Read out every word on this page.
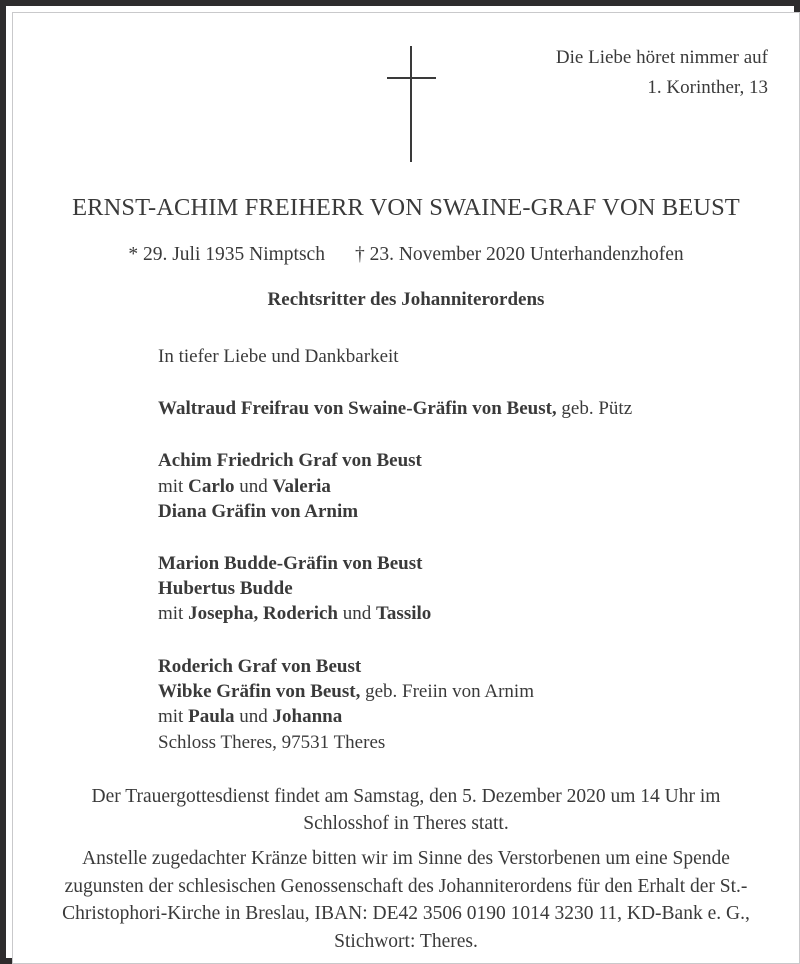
Die Liebe höret nimmer auf
1. Korinther, 13
ERNST-ACHIM FREIHERR VON SWAINE-GRAF VON BEUST
* 29. Juli 1935 Nimptsch † 23. November 2020 Unterhandenzhofen
Rechtsritter des Johanniterordens
In tiefer Liebe und Dankbarkeit
Waltraud Freifrau von Swaine-Gräfin von Beust, geb. Pütz
Achim Friedrich Graf von Beust
mit Carlo und Valeria
Diana Gräfin von Arnim
Marion Budde-Gräfin von Beust
Hubertus Budde
mit Josepha, Roderich und Tassilo
Roderich Graf von Beust
Wibke Gräfin von Beust, geb. Freiin von Arnim
mit Paula und Johanna
Schloss Theres, 97531 Theres
Der Trauergottesdienst findet am Samstag, den 5. Dezember 2020 um 14 Uhr im Schlosshof in Theres statt.
Anstelle zugedachter Kränze bitten wir im Sinne des Verstorbenen um eine Spende zugunsten der schlesischen Genossenschaft des Johanniterordens für den Erhalt der St.-Christophori-Kirche in Breslau, IBAN: DE42 3506 0190 1014 3230 11, KD-Bank e. G., Stichwort: Theres.
